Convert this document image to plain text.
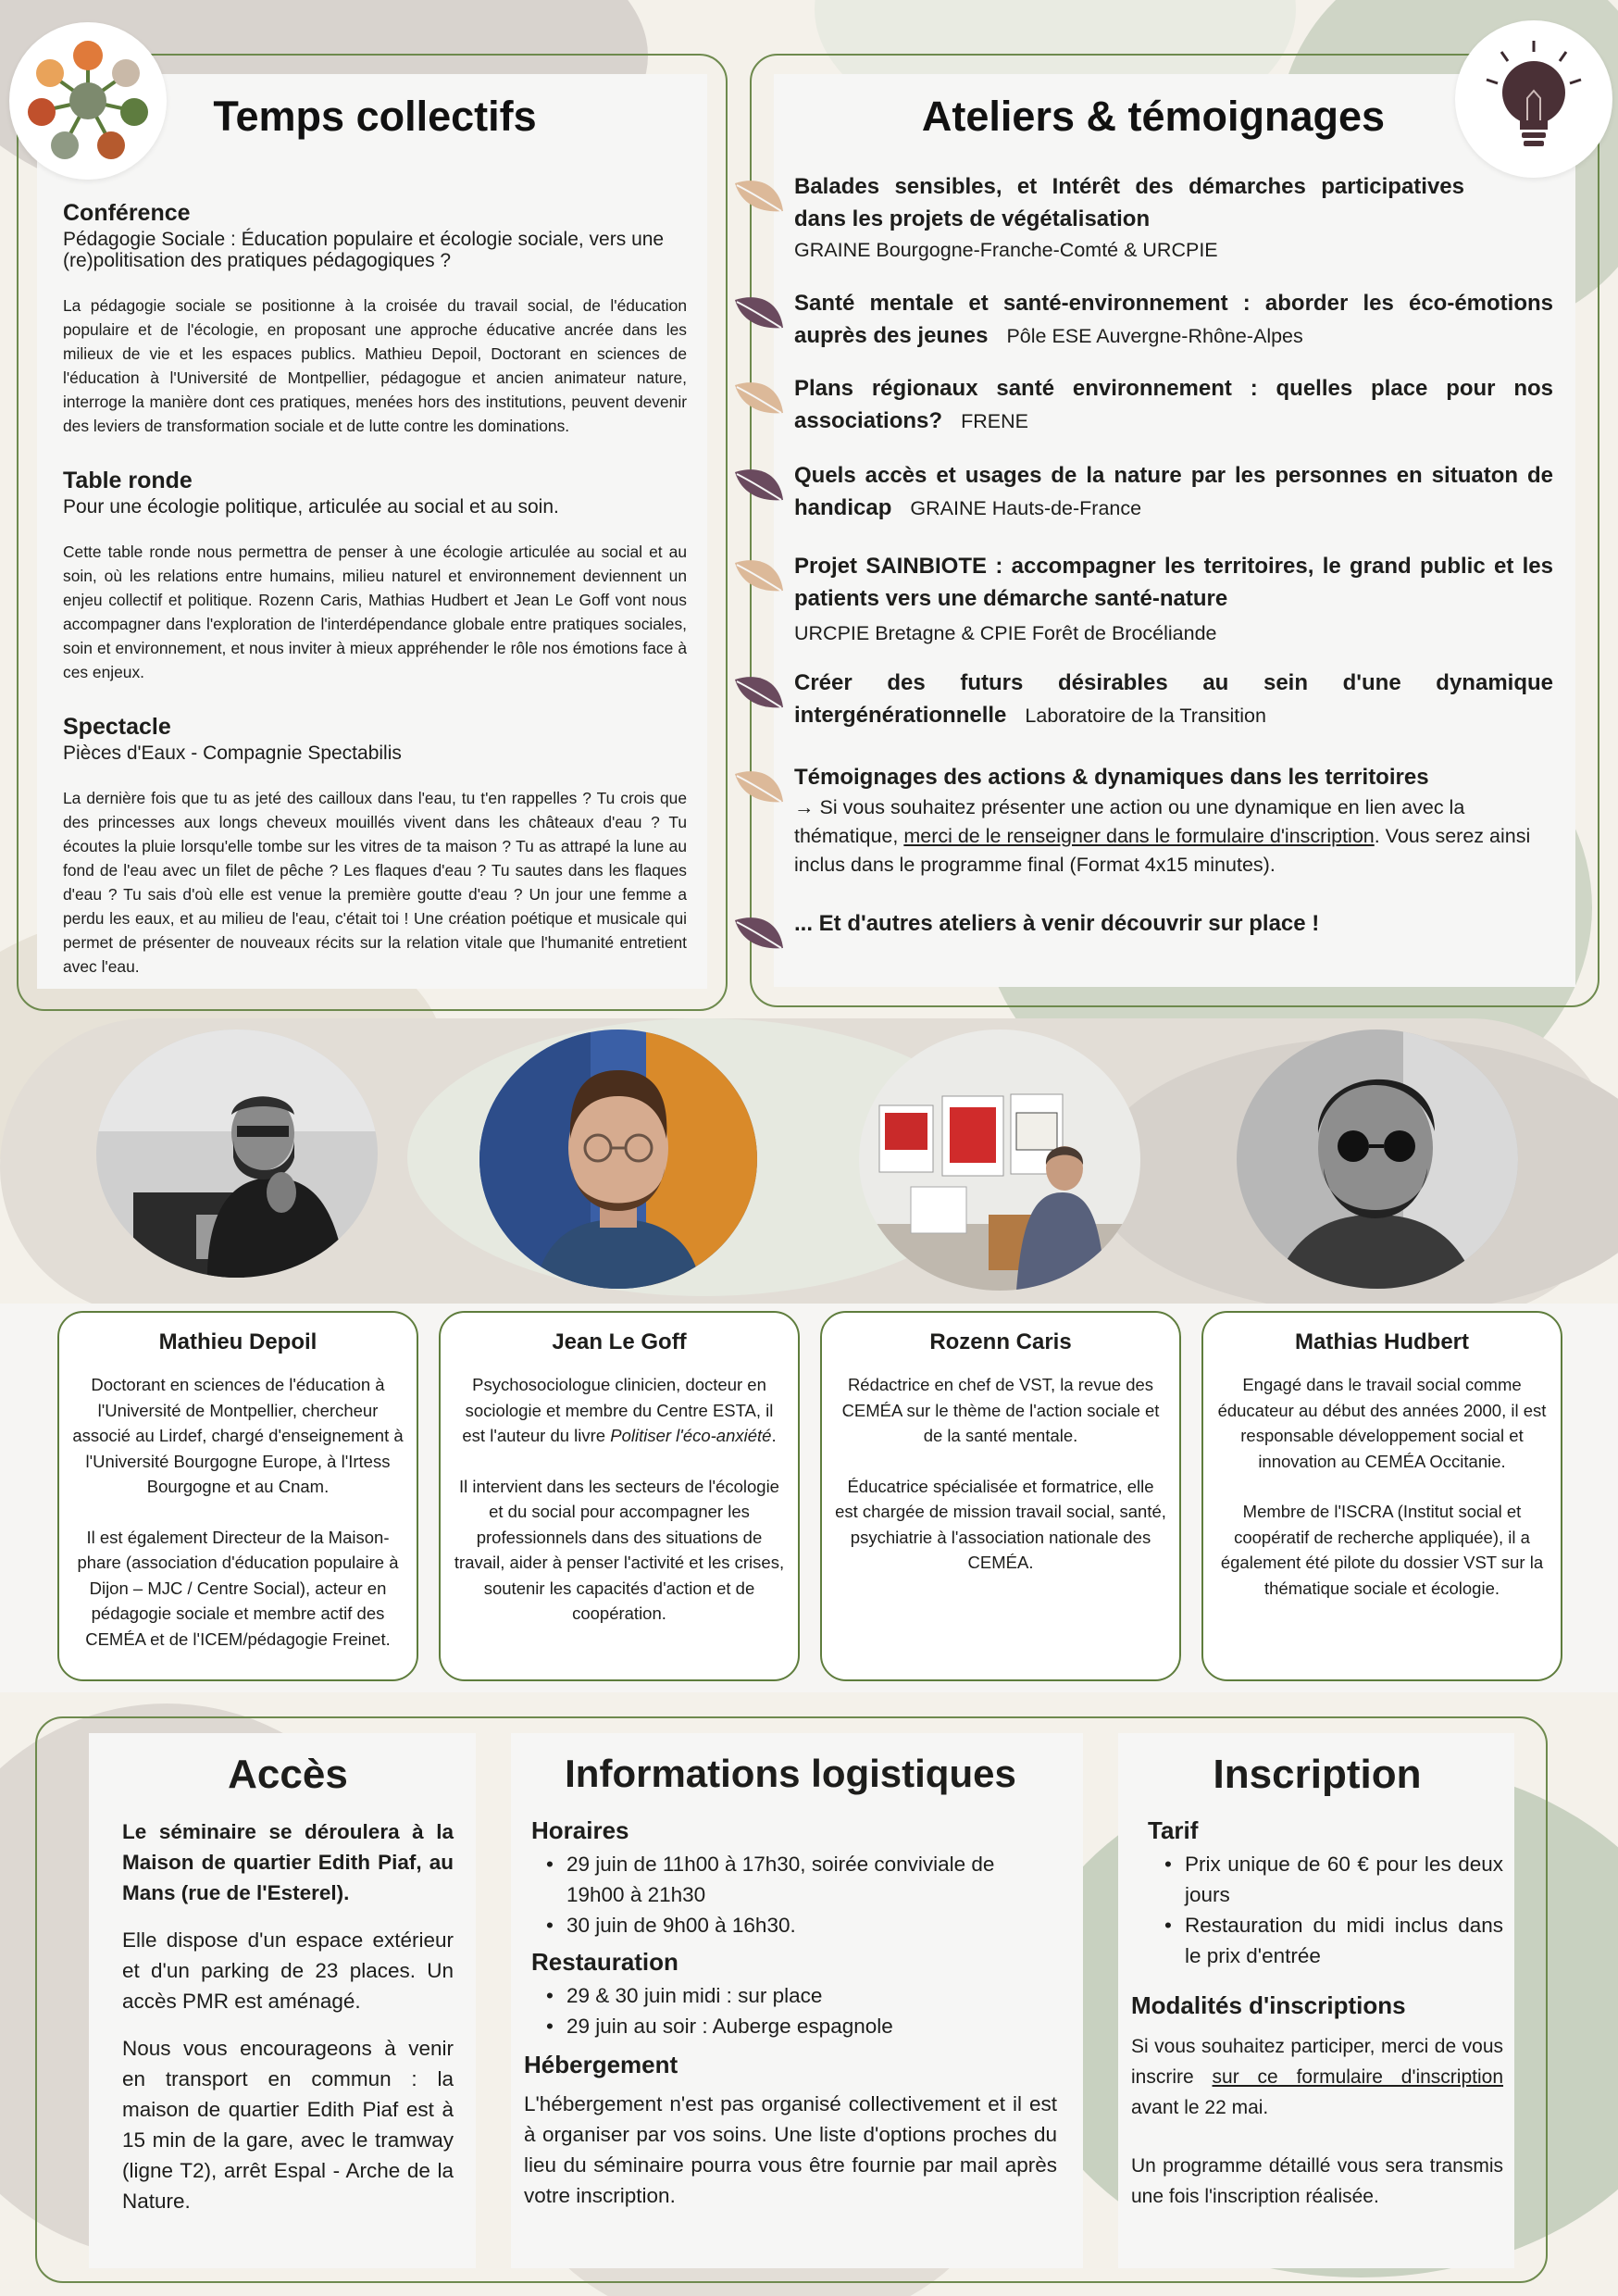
Temps collectifs
Conférence
Pédagogie Sociale : Éducation populaire et écologie sociale, vers une (re)politisation des pratiques pédagogiques ?
La pédagogie sociale se positionne à la croisée du travail social, de l'éducation populaire et de l'écologie, en proposant une approche éducative ancrée dans les milieux de vie et les espaces publics. Mathieu Depoil, Doctorant en sciences de l'éducation à l'Université de Montpellier, pédagogue et ancien animateur nature, interroge la manière dont ces pratiques, menées hors des institutions, peuvent devenir des leviers de transformation sociale et de lutte contre les dominations.
Table ronde
Pour une écologie politique, articulée au social et au soin.
Cette table ronde nous permettra de penser à une écologie articulée au social et au soin, où les relations entre humains, milieu naturel et environnement deviennent un enjeu collectif et politique. Rozenn Caris, Mathias Hudbert et Jean Le Goff vont nous accompagner dans l'exploration de l'interdépendance globale entre pratiques sociales, soin et environnement, et nous inviter à mieux appréhender le rôle nos émotions face à ces enjeux.
Spectacle
Pièces d'Eaux - Compagnie Spectabilis
La dernière fois que tu as jeté des cailloux dans l'eau, tu t'en rappelles ? Tu crois que des princesses aux longs cheveux mouillés vivent dans les châteaux d'eau ? Tu écoutes la pluie lorsqu'elle tombe sur les vitres de ta maison ? Tu as attrapé la lune au fond de l'eau avec un filet de pêche ? Les flaques d'eau ? Tu sautes dans les flaques d'eau ? Tu sais d'où elle est venue la première goutte d'eau ? Un jour une femme a perdu les eaux, et au milieu de l'eau, c'était toi ! Une création poétique et musicale qui permet de présenter de nouveaux récits sur la relation vitale que l'humanité entretient avec l'eau.
Ateliers & témoignages
Balades sensibles, et Intérêt des démarches participatives dans les projets de végétalisation
GRAINE Bourgogne-Franche-Comté & URCPIE
Santé mentale et santé-environnement : aborder les éco-émotions auprès des jeunes Pôle ESE Auvergne-Rhône-Alpes
Plans régionaux santé environnement : quelles place pour nos associations? FRENE
Quels accès et usages de la nature par les personnes en situaton de handicap GRAINE Hauts-de-France
Projet SAINBIOTE : accompagner les territoires, le grand public et les patients vers une démarche santé-nature
URCPIE Bretagne & CPIE Forêt de Brocéliande
Créer des futurs désirables au sein d'une dynamique intergénérationnelle Laboratoire de la Transition
Témoignages des actions & dynamiques dans les territoires
→ Si vous souhaitez présenter une action ou une dynamique en lien avec la thématique, merci de le renseigner dans le formulaire d'inscription. Vous serez ainsi inclus dans le programme final (Format 4x15 minutes).
... Et d'autres ateliers à venir découvrir sur place !
Mathieu Depoil
Doctorant en sciences de l'éducation à l'Université de Montpellier, chercheur associé au Lirdef, chargé d'enseignement à l'Université Bourgogne Europe, à l'Irtess Bourgogne et au Cnam.
Il est également Directeur de la Maison-phare (association d'éducation populaire à Dijon – MJC / Centre Social), acteur en pédagogie sociale et membre actif des CEMÉA et de l'ICEM/pédagogie Freinet.
Jean Le Goff
Psychosociologue clinicien, docteur en sociologie et membre du Centre ESTA, il est l'auteur du livre Politiser l'éco-anxiété.
Il intervient dans les secteurs de l'écologie et du social pour accompagner les professionnels dans des situations de travail, aider à penser l'activité et les crises, soutenir les capacités d'action et de coopération.
Rozenn Caris
Rédactrice en chef de VST, la revue des CEMÉA sur le thème de l'action sociale et de la santé mentale.
Éducatrice spécialisée et formatrice, elle est chargée de mission travail social, santé, psychiatrie à l'association nationale des CEMÉA.
Mathias Hudbert
Engagé dans le travail social comme éducateur au début des années 2000, il est responsable développement social et innovation au CEMÉA Occitanie.
Membre de l'ISCRA (Institut social et coopératif de recherche appliquée), il a également été pilote du dossier VST sur la thématique sociale et écologie.
Accès
Le séminaire se déroulera à la Maison de quartier Edith Piaf, au Mans (rue de l'Esterel).
Elle dispose d'un espace extérieur et d'un parking de 23 places. Un accès PMR est aménagé.
Nous vous encourageons à venir en transport en commun : la maison de quartier Edith Piaf est à 15 min de la gare, avec le tramway (ligne T2), arrêt Espal - Arche de la Nature.
Informations logistiques
Horaires
• 29 juin de 11h00 à 17h30, soirée conviviale de 19h00 à 21h30
• 30 juin de 9h00 à 16h30.
Restauration
• 29 & 30 juin midi : sur place
• 29 juin au soir : Auberge espagnole
Hébergement
L'hébergement n'est pas organisé collectivement et il est à organiser par vos soins. Une liste d'options proches du lieu du séminaire pourra vous être fournie par mail après votre inscription.
Inscription
Tarif
• Prix unique de 60 € pour les deux jours
• Restauration du midi inclus dans le prix d'entrée
Modalités d'inscriptions
Si vous souhaitez participer, merci de vous inscrire sur ce formulaire d'inscription avant le 22 mai.
Un programme détaillé vous sera transmis une fois l'inscription réalisée.
